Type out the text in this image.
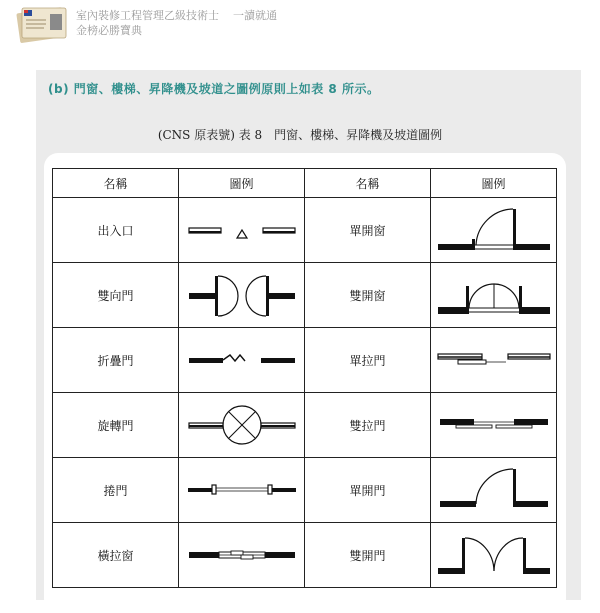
室內裝修工程管理乙級技術士 一讀就通
金榜必勝寶典
(b) 門窗、樓梯、昇降機及坡道之圖例原則上如表 8 所示。
(CNS 原表號) 表 8　門窗、樓梯、昇降機及坡道圖例
名稱	圖例	名稱	圖例
出入口		單開窗	

雙向門		雙開窗	

折疊門		單拉門	

旋轉門		雙拉門	

捲門		單開門	

橫拉窗		雙開門	
